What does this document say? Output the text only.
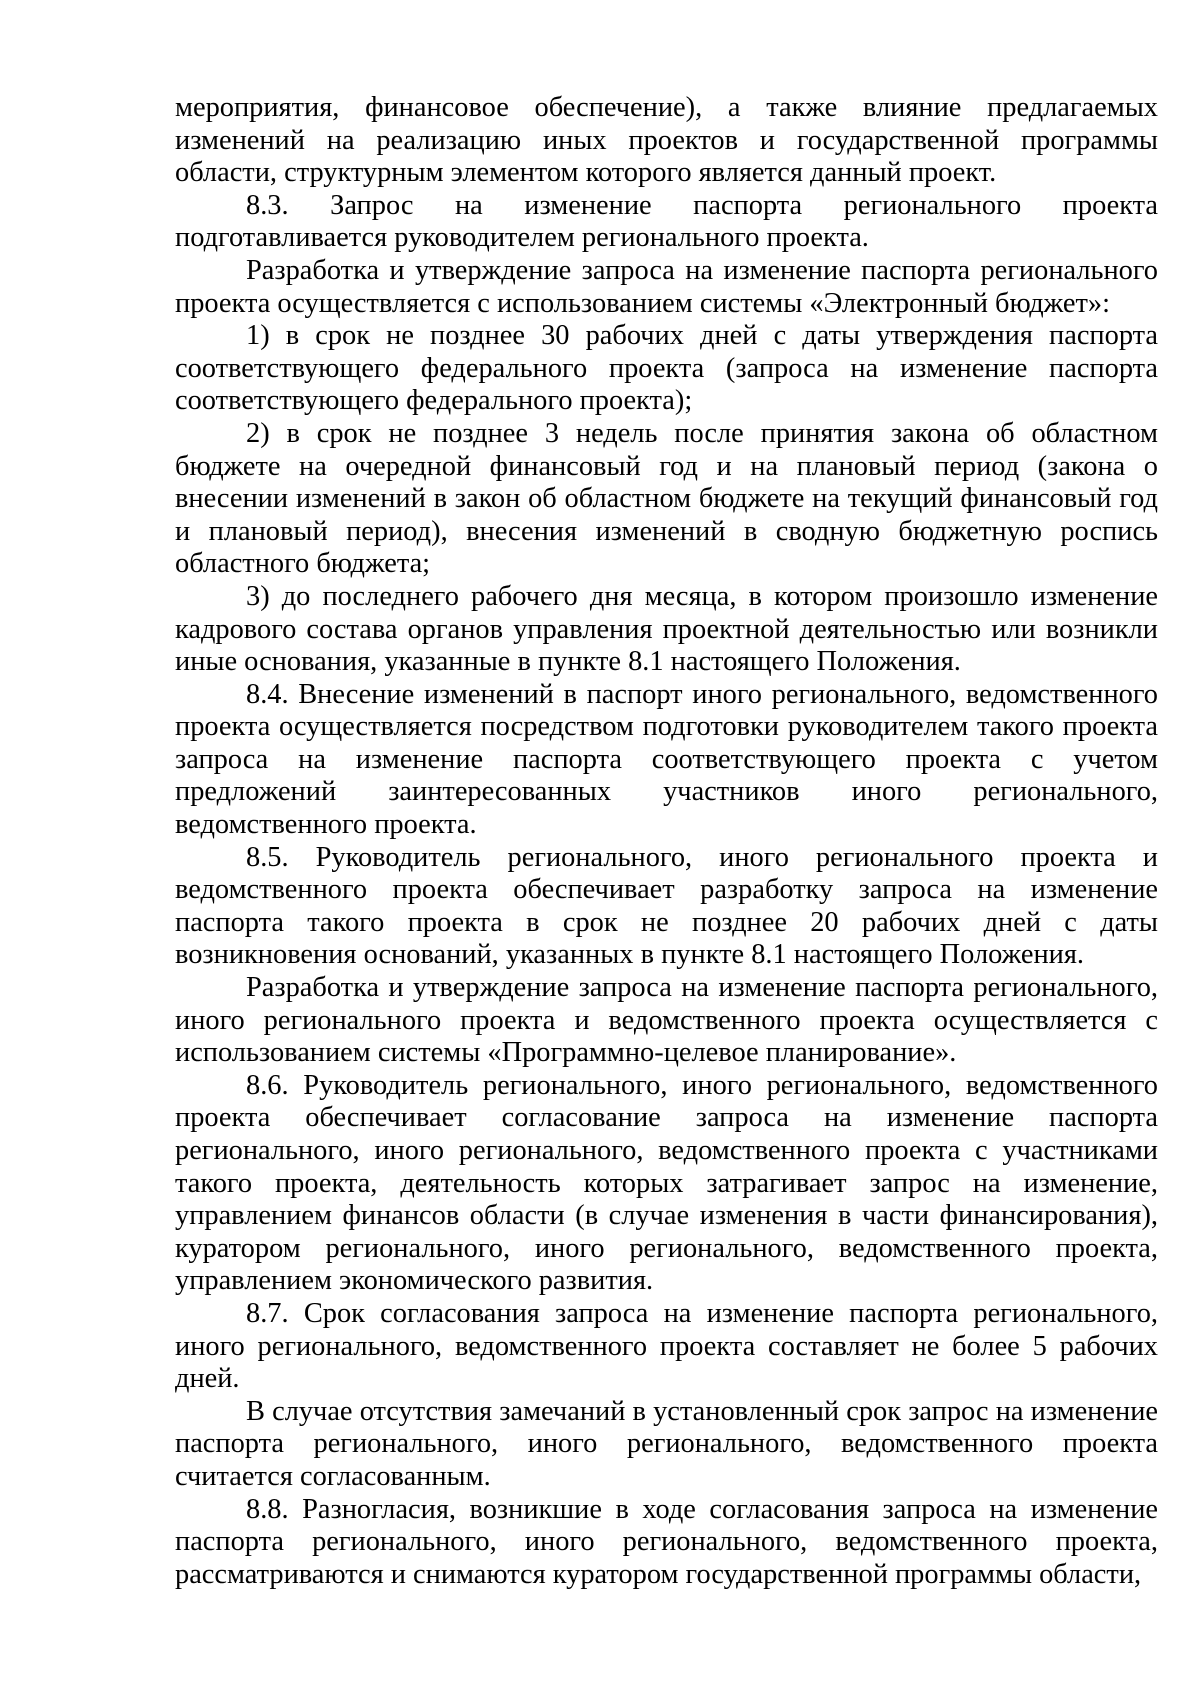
мероприятия, финансовое обеспечение), а также влияние предлагаемых изменений на реализацию иных проектов и государственной программы области, структурным элементом которого является данный проект.

8.3. Запрос на изменение паспорта регионального проекта подготавливается руководителем регионального проекта.

Разработка и утверждение запроса на изменение паспорта регионального проекта осуществляется с использованием системы «Электронный бюджет»:

1) в срок не позднее 30 рабочих дней с даты утверждения паспорта соответствующего федерального проекта (запроса на изменение паспорта соответствующего федерального проекта);

2) в срок не позднее 3 недель после принятия закона об областном бюджете на очередной финансовый год и на плановый период (закона о внесении изменений в закон об областном бюджете на текущий финансовый год и плановый период), внесения изменений в сводную бюджетную роспись областного бюджета;

3) до последнего рабочего дня месяца, в котором произошло изменение кадрового состава органов управления проектной деятельностью или возникли иные основания, указанные в пункте 8.1 настоящего Положения.

8.4. Внесение изменений в паспорт иного регионального, ведомственного проекта осуществляется посредством подготовки руководителем такого проекта запроса на изменение паспорта соответствующего проекта с учетом предложений заинтересованных участников иного регионального, ведомственного проекта.

8.5. Руководитель регионального, иного регионального проекта и ведомственного проекта обеспечивает разработку запроса на изменение паспорта такого проекта в срок не позднее 20 рабочих дней с даты возникновения оснований, указанных в пункте 8.1 настоящего Положения.

Разработка и утверждение запроса на изменение паспорта регионального, иного регионального проекта и ведомственного проекта осуществляется с использованием системы «Программно-целевое планирование».

8.6. Руководитель регионального, иного регионального, ведомственного проекта обеспечивает согласование запроса на изменение паспорта регионального, иного регионального, ведомственного проекта с участниками такого проекта, деятельность которых затрагивает запрос на изменение, управлением финансов области (в случае изменения в части финансирования), куратором регионального, иного регионального, ведомственного проекта, управлением экономического развития.

8.7. Срок согласования запроса на изменение паспорта регионального, иного регионального, ведомственного проекта составляет не более 5 рабочих дней.

В случае отсутствия замечаний в установленный срок запрос на изменение паспорта регионального, иного регионального, ведомственного проекта считается согласованным.

8.8. Разногласия, возникшие в ходе согласования запроса на изменение паспорта регионального, иного регионального, ведомственного проекта, рассматриваются и снимаются куратором государственной программы области,
